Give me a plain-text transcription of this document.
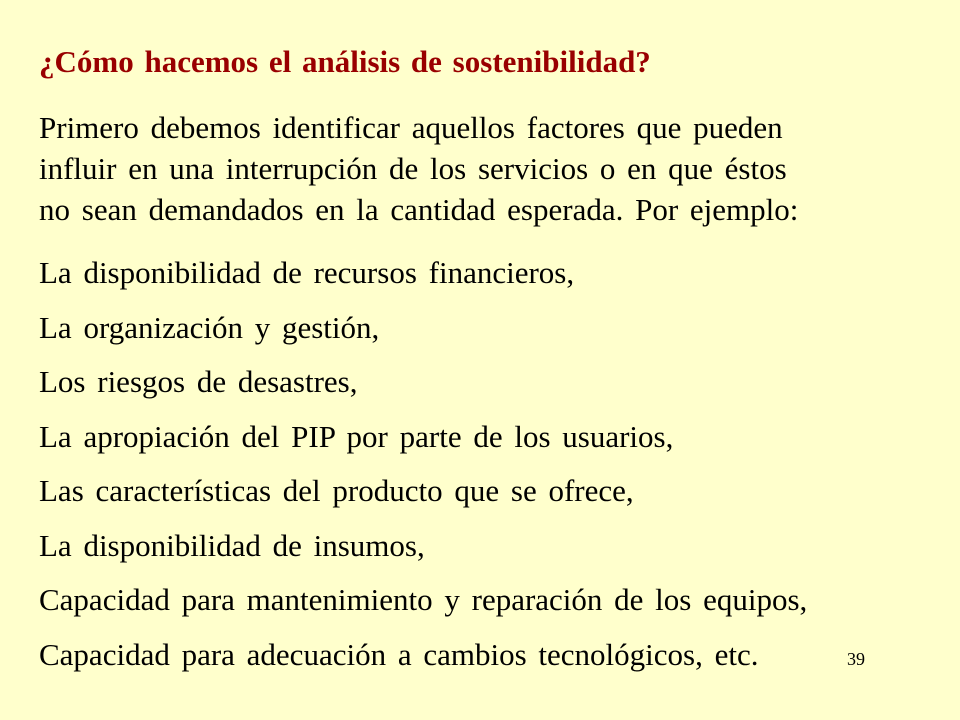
¿Cómo hacemos el análisis de sostenibilidad?
Primero debemos identificar aquellos factores que pueden
influir en una interrupción de los servicios o en que éstos
no sean demandados en la cantidad esperada. Por ejemplo:
La disponibilidad de recursos financieros,
La organización y gestión,
Los riesgos de desastres,
La apropiación del PIP por parte de los usuarios,
Las características del producto que se ofrece,
La disponibilidad de insumos,
Capacidad para mantenimiento y reparación de los equipos,
Capacidad para adecuación a cambios tecnológicos, etc.	39
